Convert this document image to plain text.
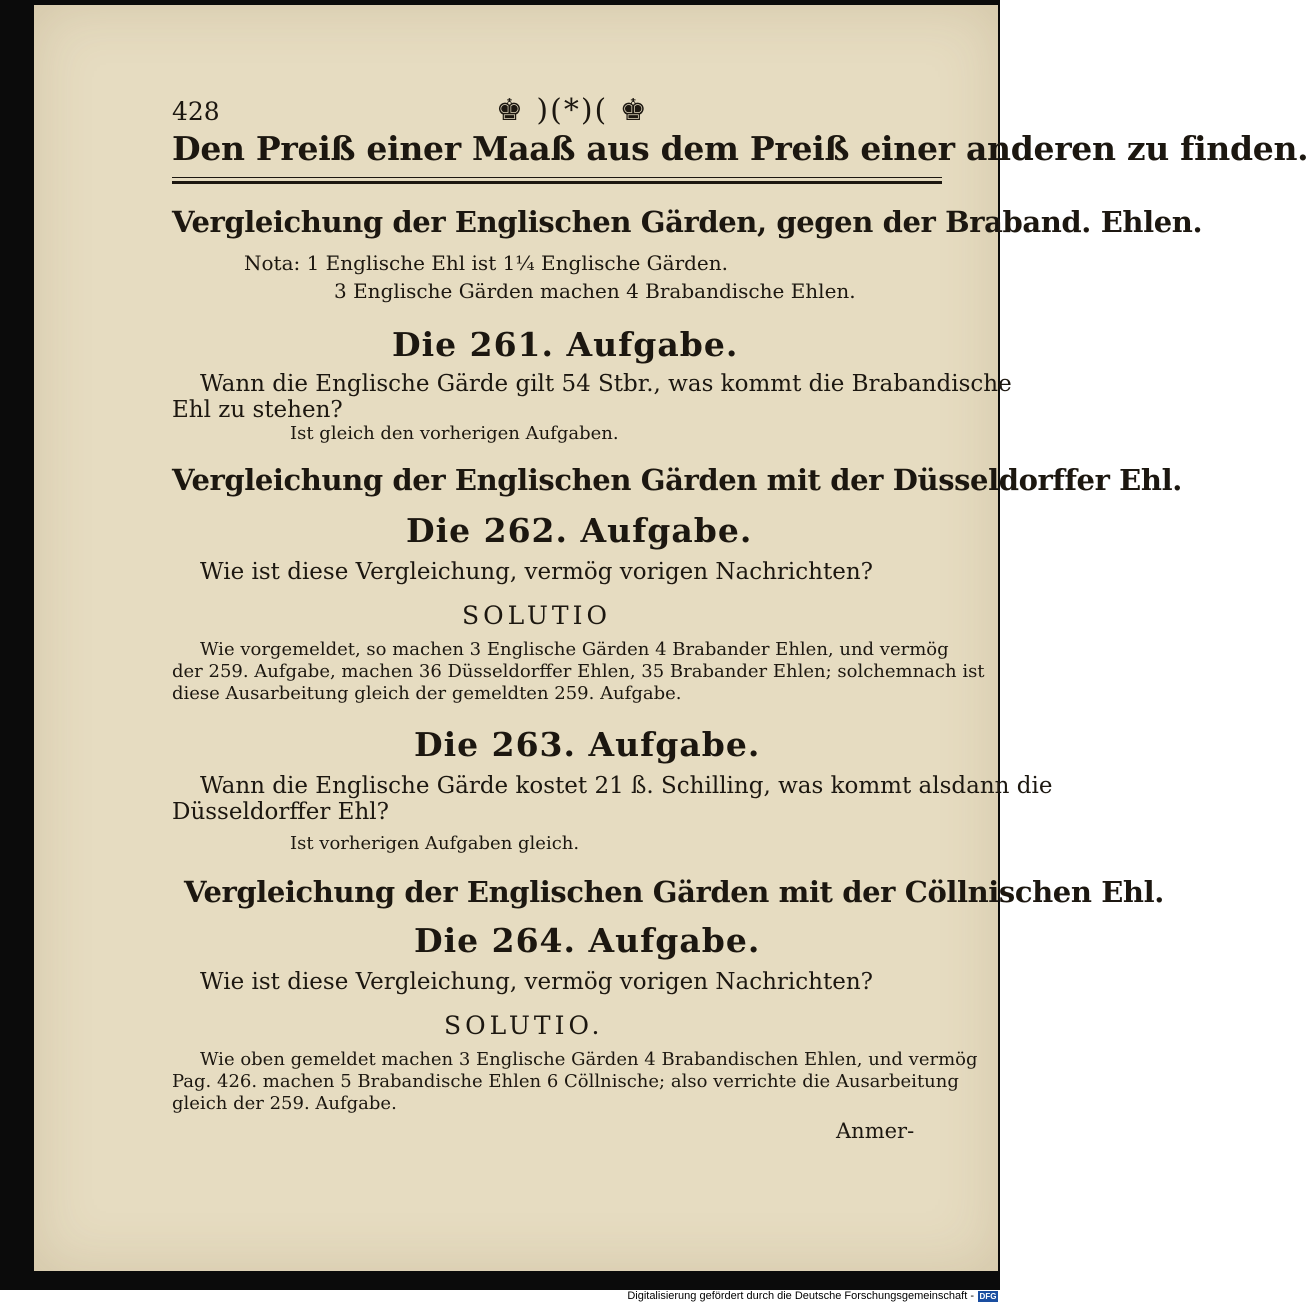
428	♚ )(*)( ♚
Den Preiß einer Maaß aus dem Preiß einer anderen zu finden.
Vergleichung der Englischen Gärden, gegen der Braband. Ehlen.
Nota: 1 Englische Ehl ist 1¼ Englische Gärden.
3 Englische Gärden machen 4 Brabandische Ehlen.
Die 261. Aufgabe.
Wann die Englische Gärde gilt 54 Stbr., was kommt die Brabandische
Ehl zu stehen?
Ist gleich den vorherigen Aufgaben.
Vergleichung der Englischen Gärden mit der Düsseldorffer Ehl.
Die 262. Aufgabe.
Wie ist diese Vergleichung, vermög vorigen Nachrichten?
SOLUTIO
Wie vorgemeldet, so machen 3 Englische Gärden 4 Brabander Ehlen, und vermög
der 259. Aufgabe, machen 36 Düsseldorffer Ehlen, 35 Brabander Ehlen; solchemnach ist
diese Ausarbeitung gleich der gemeldten 259. Aufgabe.
Die 263. Aufgabe.
Wann die Englische Gärde kostet 21 ß. Schilling, was kommt alsdann die
Düsseldorffer Ehl?
Ist vorherigen Aufgaben gleich.
Vergleichung der Englischen Gärden mit der Cöllnischen Ehl.
Die 264. Aufgabe.
Wie ist diese Vergleichung, vermög vorigen Nachrichten?
SOLUTIO.
Wie oben gemeldet machen 3 Englische Gärden 4 Brabandischen Ehlen, und vermög
Pag. 426. machen 5 Brabandische Ehlen 6 Cöllnische; also verrichte die Ausarbeitung
gleich der 259. Aufgabe.
Anmer-
Digitalisierung gefördert durch die Deutsche Forschungsgemeinschaft - DFG
